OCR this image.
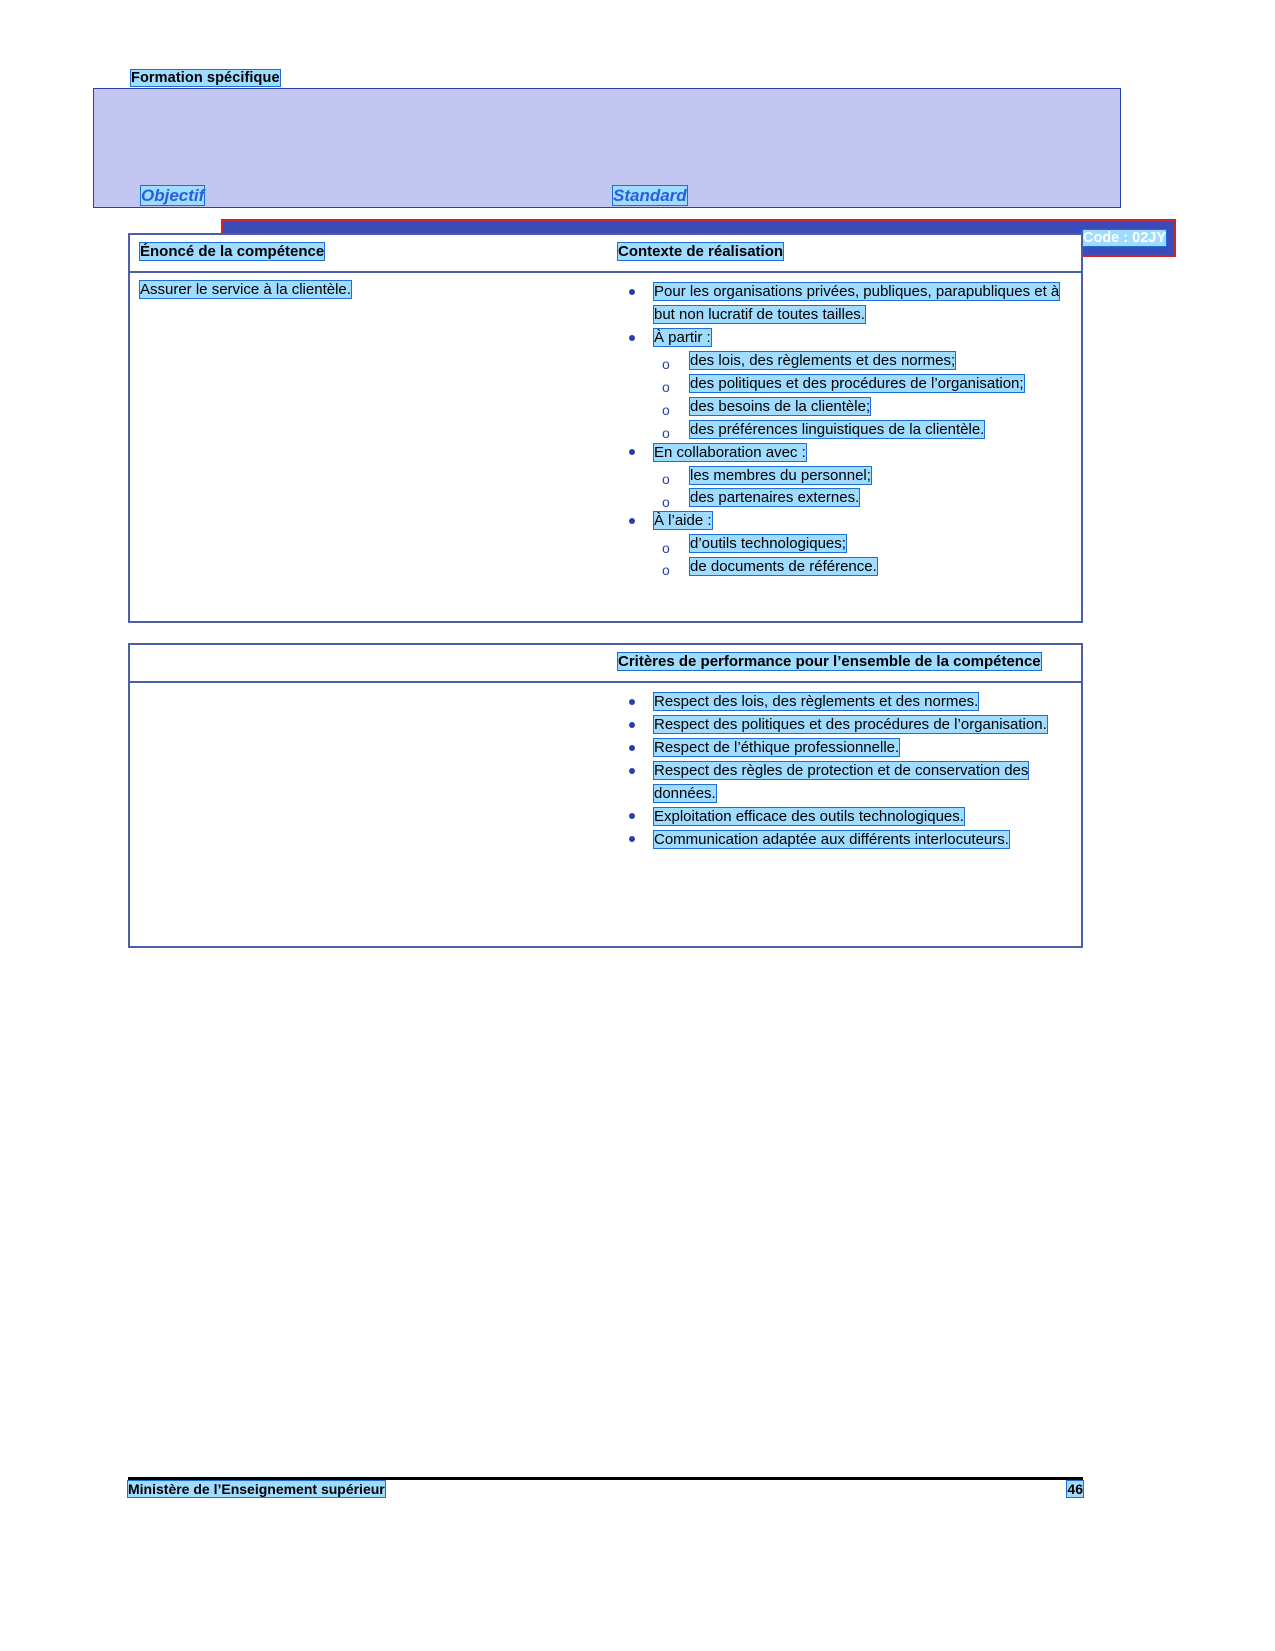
Formation spécifique
Code : 02JY
Objectif	Standard
Énoncé de la compétence	Contexte de réalisation
Assurer le service à la clientèle.	Pour les organisations privées, publiques, parapubliques et à but non lucratif de toutes tailles.
À partir :
o des lois, des règlements et des normes;
o des politiques et des procédures de l’organisation;
o des besoins de la clientèle;
o des préférences linguistiques de la clientèle.
En collaboration avec :
o les membres du personnel;
o des partenaires externes.
À l’aide :
o d’outils technologiques;
o de documents de référence.
Critères de performance pour l’ensemble de la compétence
Respect des lois, des règlements et des normes.
Respect des politiques et des procédures de l’organisation.
Respect de l’éthique professionnelle.
Respect des règles de protection et de conservation des données.
Exploitation efficace des outils technologiques.
Communication adaptée aux différents interlocuteurs.
Ministère de l’Enseignement supérieur	46
